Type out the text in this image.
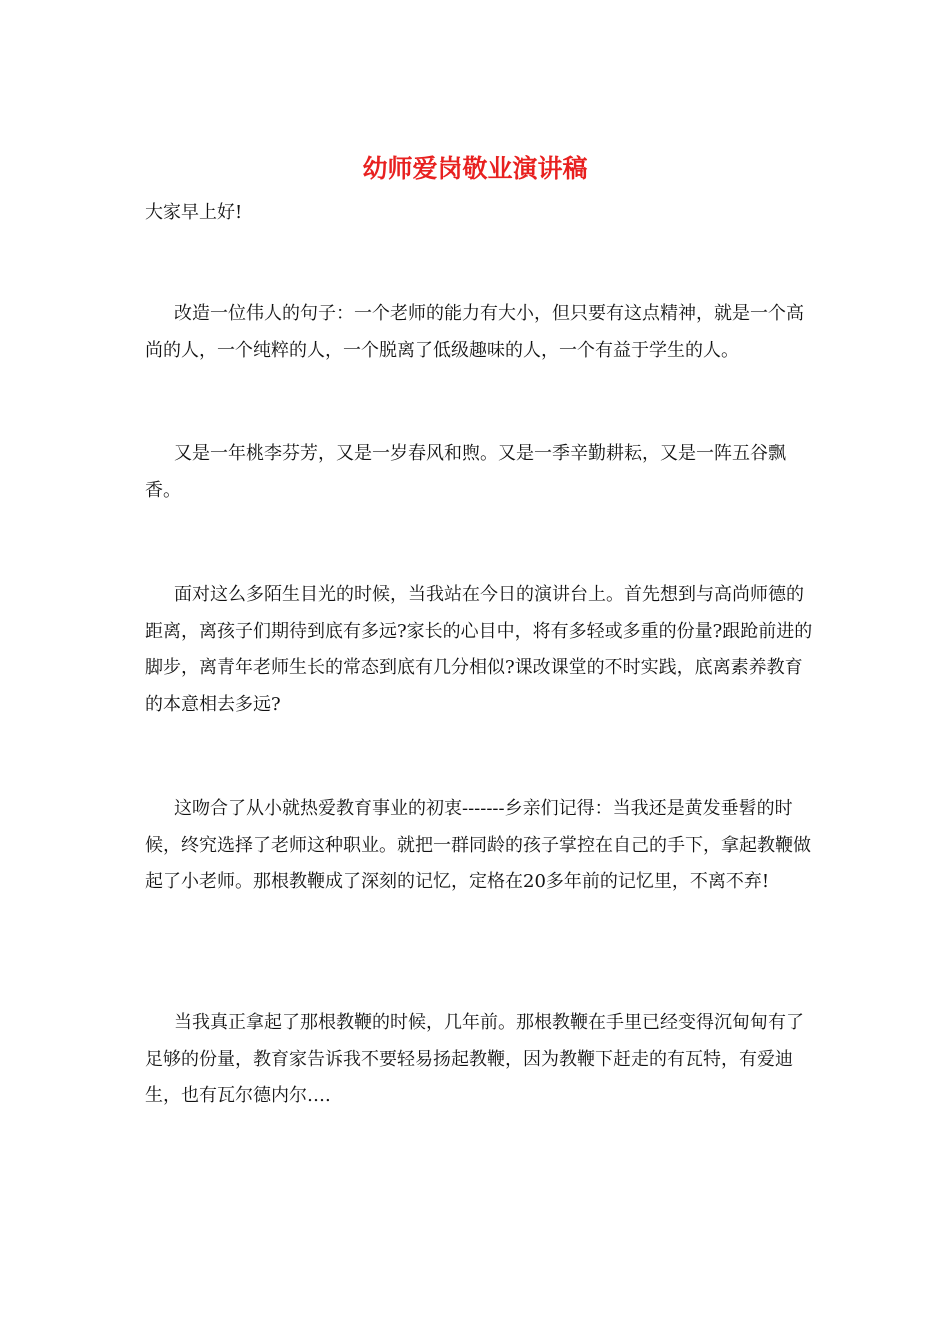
幼师爱岗敬业演讲稿
大家早上好!

改造一位伟人的句子：一个老师的能力有大小，但只要有这点精神，就是一个高尚的人，一个纯粹的人，一个脱离了低级趣味的人，一个有益于学生的人。

又是一年桃李芬芳，又是一岁春风和煦。又是一季辛勤耕耘，又是一阵五谷飘香。

面对这么多陌生目光的时候，当我站在今日的演讲台上。首先想到与高尚师德的距离，离孩子们期待到底有多远?家长的心目中，将有多轻或多重的份量?跟跄前进的脚步，离青年老师生长的常态到底有几分相似?课改课堂的不时实践，底离素养教育的本意相去多远?

这吻合了从小就热爱教育事业的初衷-------乡亲们记得：当我还是黄发垂髫的时候，终究选择了老师这种职业。就把一群同龄的孩子掌控在自己的手下，拿起教鞭做起了小老师。那根教鞭成了深刻的记忆，定格在20多年前的记忆里，不离不弃!

当我真正拿起了那根教鞭的时候，几年前。那根教鞭在手里已经变得沉甸甸有了足够的份量，教育家告诉我不要轻易扬起教鞭，因为教鞭下赶走的有瓦特，有爱迪生，也有瓦尔德内尔….
